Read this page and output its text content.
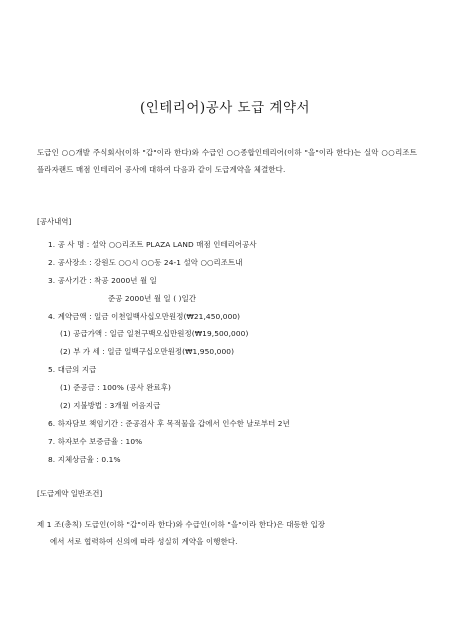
(인테리어)공사 도급 계약서
도급인 ○○개발 주식회사(이하 "갑"이라 한다)와 수급인 ○○종합인테리어(이하 "을"이라 한다)는 실악 ○○리조트 플라자랜드 매점 인테리어 공사에 대하여 다음과 같이 도급계약을 체결한다.
[공사내역]
1. 공 사 명 : 설악 ○○리조트 PLAZA LAND 매점 인테리어공사
2. 공사장소 : 강원도 ○○시 ○○동 24-1 설악 ○○리조트내
3. 공사기간 : 착공 2000년 월 일
준공 2000년 월 일 ( )일간
4. 계약금액 : 일금 이천일백사십오만원정(₩21,450,000)
(1) 공급가액 : 일금 일천구백오십만원정(₩19,500,000)
(2) 부 가 세 : 일금 일백구십오만원정(₩1,950,000)
5. 대금의 지급
(1) 준공금 : 100% (공사 완료후)
(2) 지불방법 : 3개월 어음지급
6. 하자담보 책임기간 : 준공검사 후 목적물을 갑에서 인수한 날로부터 2년
7. 하자보수 보증금율 : 10%
8. 지체상금율 : 0.1%
[도급계약 일반조건]
제 1 조(총칙) 도급인(이하 "갑"이라 한다)와 수급인(이하 "을"이라 한다)은 대등한 입장
에서 서로 협력하여 신의에 따라 성실히 계약을 이행한다.
